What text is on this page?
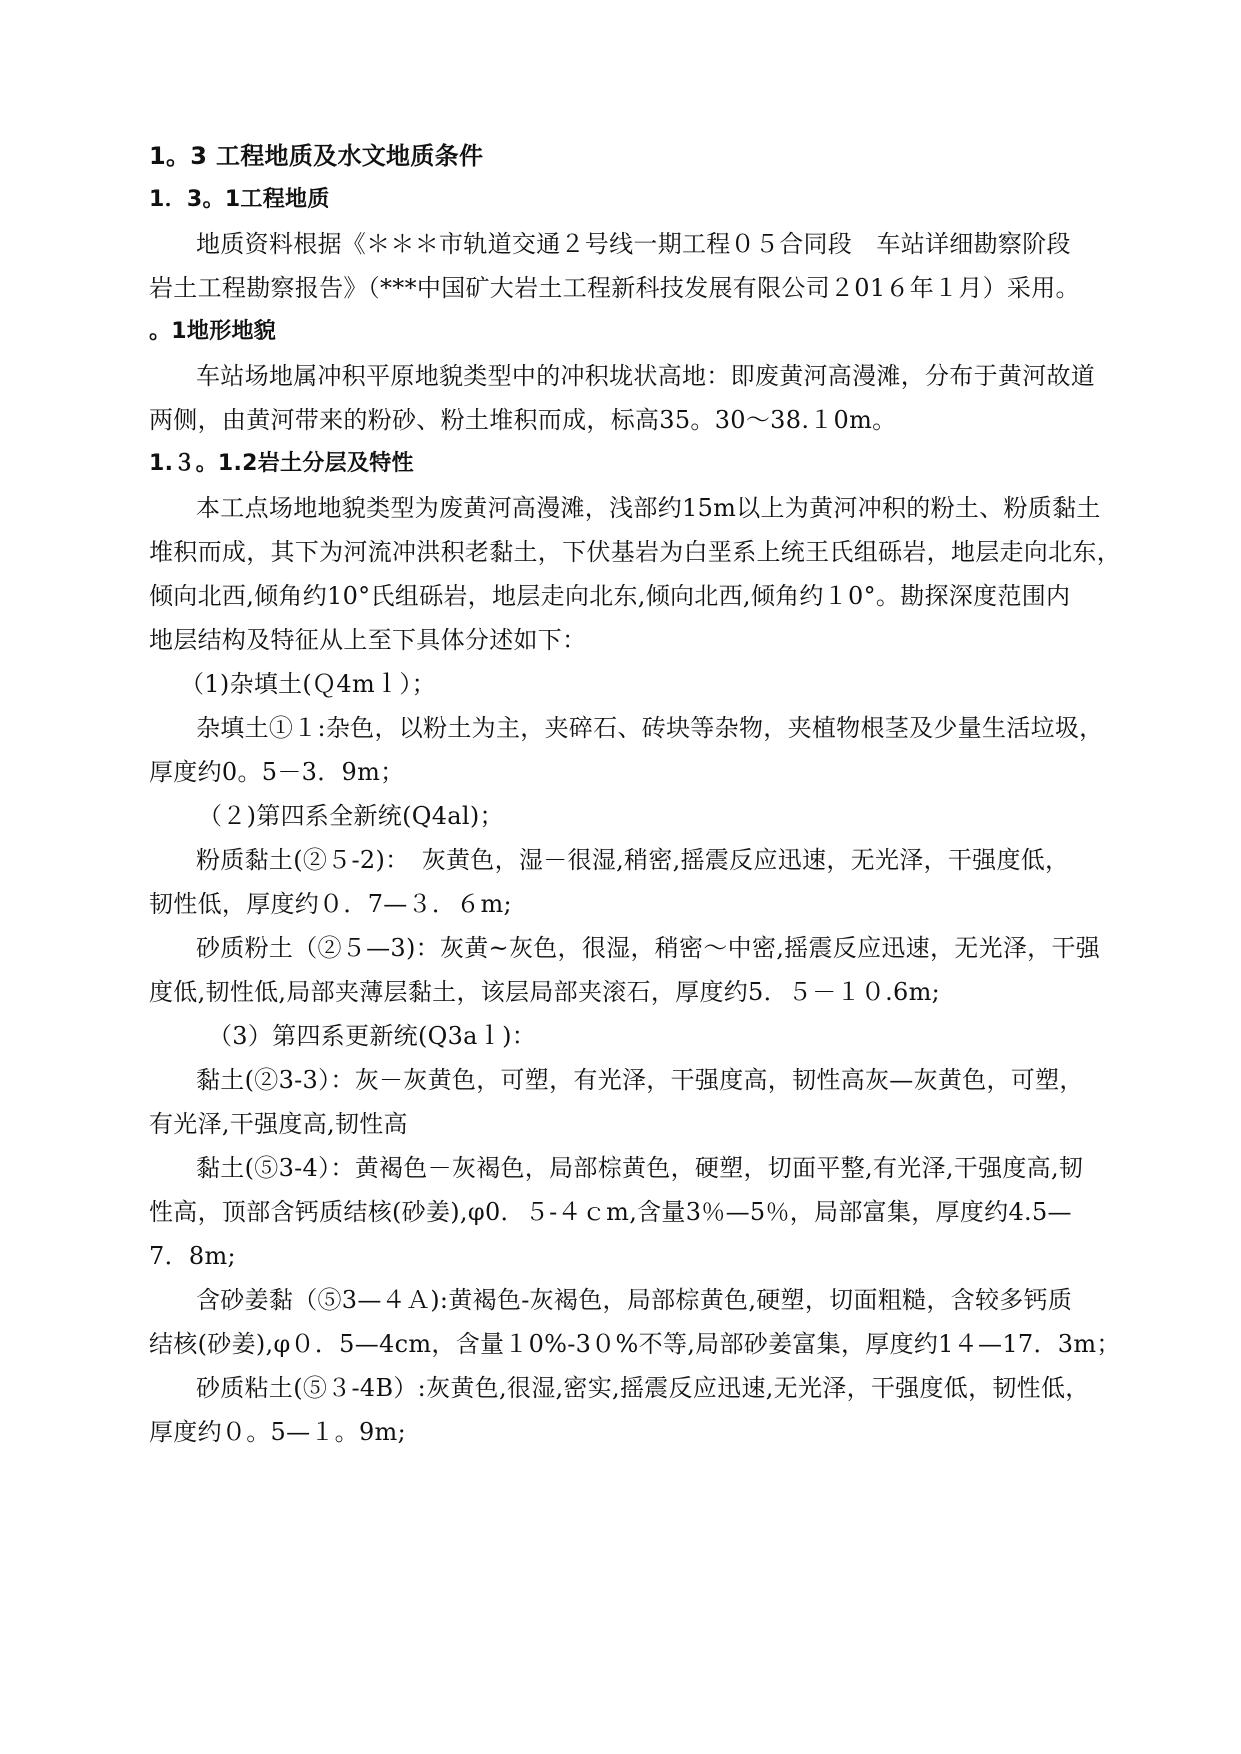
1。3 工程地质及水文地质条件
1．3。1工程地质
地质资料根据《＊＊＊市轨道交通２号线一期工程０５合同段　车站详细勘察阶段
岩土工程勘察报告》（***中国矿大岩土工程新科技发展有限公司２01６年１月）采用。
。1地形地貌
车站场地属冲积平原地貌类型中的冲积垅状高地：即废黄河高漫滩，分布于黄河故道
两侧，由黄河带来的粉砂、粉土堆积而成，标高35。30～38.１0m。
1.３。1.2岩土分层及特性
本工点场地地貌类型为废黄河高漫滩，浅部约15m以上为黄河冲积的粉土、粉质黏土
堆积而成，其下为河流冲洪积老黏土，下伏基岩为白垩系上统王氏组砾岩，地层走向北东，
倾向北西,倾角约10°氏组砾岩，地层走向北东,倾向北西,倾角约１0°。勘探深度范围内
地层结构及特征从上至下具体分述如下：
（1)杂填土(Ｑ4mｌ）；
杂填土①１:杂色，以粉土为主，夹碎石、砖块等杂物，夹植物根茎及少量生活垃圾，
厚度约0。5－3．9m；
（２)第四系全新统(Q4al)；
粉质黏土(②５-2)：　灰黄色，湿－很湿,稍密,摇震反应迅速，无光泽，干强度低，
韧性低，厚度约０．7—３．６m;
砂质粉土（②５—3)：灰黄~灰色，很湿，稍密～中密,摇震反应迅速，无光泽，干强
度低,韧性低,局部夹薄层黏土，该层局部夹滚石，厚度约5．５－１０.6m;
（3）第四系更新统(Q3aｌ)：
黏土(②3-3）：灰－灰黄色，可塑，有光泽，干强度高，韧性高灰—灰黄色，可塑，
有光泽,干强度高,韧性高
黏土(⑤3-4）：黄褐色－灰褐色，局部棕黄色，硬塑，切面平整,有光泽,干强度高,韧
性高，顶部含钙质结核(砂姜),φ0．５-４ｃm,含量3％—5％，局部富集，厚度约4.5—
7．8m;
含砂姜黏（⑤3—４Ａ):黄褐色-灰褐色，局部棕黄色,硬塑，切面粗糙，含较多钙质
结核(砂姜),φ０．5—4cm，含量１0%-3０%不等,局部砂姜富集，厚度约1４—17．3m；
砂质粘土(⑤３-4B）:灰黄色,很湿,密实,摇震反应迅速,无光泽，干强度低，韧性低，
厚度约０。5—１。9m;
